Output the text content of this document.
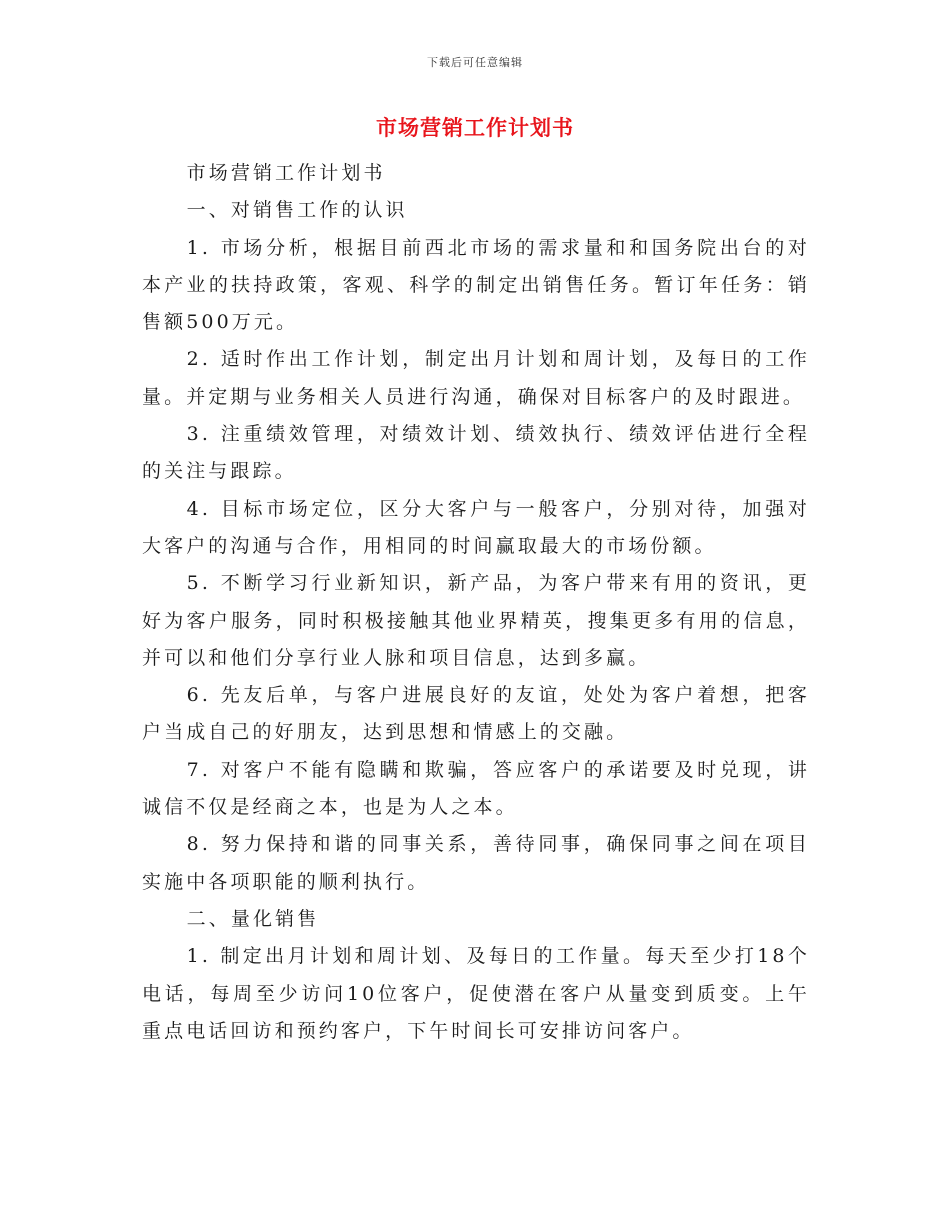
下载后可任意编辑
市场营销工作计划书

市场营销工作计划书

一、对销售工作的认识

1. 市场分析，根据目前西北市场的需求量和和国务院出台的对本产业的扶持政策，客观、科学的制定出销售任务。暂订年任务：销售额500万元。

2. 适时作出工作计划，制定出月计划和周计划，及每日的工作量。并定期与业务相关人员进行沟通，确保对目标客户的及时跟进。

3. 注重绩效管理，对绩效计划、绩效执行、绩效评估进行全程的关注与跟踪。

4. 目标市场定位，区分大客户与一般客户，分别对待，加强对大客户的沟通与合作，用相同的时间赢取最大的市场份额。

5. 不断学习行业新知识，新产品，为客户带来有用的资讯，更好为客户服务，同时积极接触其他业界精英，搜集更多有用的信息，并可以和他们分享行业人脉和项目信息，达到多赢。

6. 先友后单，与客户进展良好的友谊，处处为客户着想，把客户当成自己的好朋友，达到思想和情感上的交融。

7. 对客户不能有隐瞒和欺骗，答应客户的承诺要及时兑现，讲诚信不仅是经商之本，也是为人之本。

8. 努力保持和谐的同事关系，善待同事，确保同事之间在项目实施中各项职能的顺利执行。

二、量化销售

1. 制定出月计划和周计划、及每日的工作量。每天至少打18个电话，每周至少访问10位客户，促使潜在客户从量变到质变。上午重点电话回访和预约客户，下午时间长可安排访问客户。
